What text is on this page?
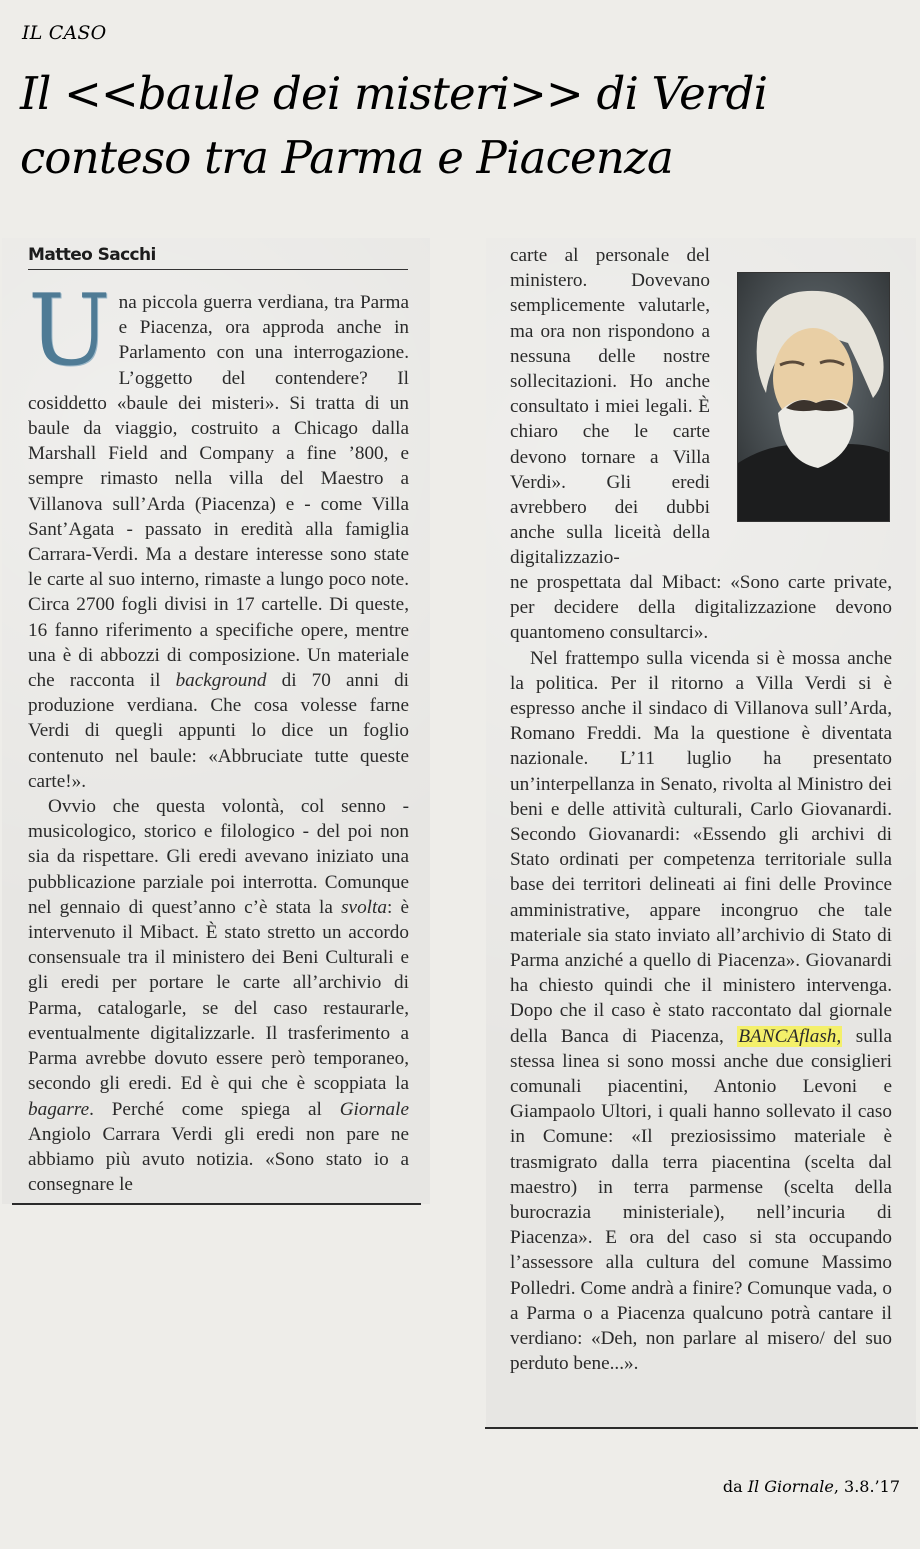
IL CASO
Il <<baule dei misteri>> di Verdi
conteso tra Parma e Piacenza
Matteo Sacchi

Una piccola guerra verdiana, tra Parma e Piacenza, ora approda anche in Parlamento con una interrogazione. L’oggetto del contendere? Il cosiddetto «baule dei misteri». Si tratta di un baule da viaggio, costruito a Chicago dalla Marshall Field and Company a fine ’800, e sempre rimasto nella villa del Maestro a Villanova sull’Arda (Piacenza) e - come Villa Sant’Agata - passato in eredità alla famiglia Carrara-Verdi. Ma a destare interesse sono state le carte al suo interno, rimaste a lungo poco note. Circa 2700 fogli divisi in 17 cartelle. Di queste, 16 fanno riferimento a specifiche opere, mentre una è di abbozzi di composizione. Un materiale che racconta il background di 70 anni di produzione verdiana. Che cosa volesse farne Verdi di quegli appunti lo dice un foglio contenuto nel baule: «Abbruciate tutte queste carte!».

Ovvio che questa volontà, col senno - musicologico, storico e filologico - del poi non sia da rispettare. Gli eredi avevano iniziato una pubblicazione parziale poi interrotta. Comunque nel gennaio di quest’anno c’è stata la svolta: è intervenuto il Mibact. È stato stretto un accordo consensuale tra il ministero dei Beni Culturali e gli eredi per portare le carte all’archivio di Parma, catalogarle, se del caso restaurarle, eventualmente digitalizzarle. Il trasferimento a Parma avrebbe dovuto essere però temporaneo, secondo gli eredi. Ed è qui che è scoppiata la bagarre. Perché come spiega al Giornale Angiolo Carrara Verdi gli eredi non pare ne abbiamo più avuto notizia. «Sono stato io a consegnare le

carte al personale del ministero. Dovevano semplicemente valutarle, ma ora non rispondono a nessuna delle nostre sollecitazioni. Ho anche consultato i miei legali. È chiaro che le carte devono tornare a Villa Verdi». Gli eredi avrebbero dei dubbi anche sulla liceità della digitalizzazio-

ne prospettata dal Mibact: «Sono carte private, per decidere della digitalizzazione devono quantomeno consultarci».

Nel frattempo sulla vicenda si è mossa anche la politica. Per il ritorno a Villa Verdi si è espresso anche il sindaco di Villanova sull’Arda, Romano Freddi. Ma la questione è diventata nazionale. L’11 luglio ha presentato un’interpellanza in Senato, rivolta al Ministro dei beni e delle attività culturali, Carlo Giovanardi. Secondo Giovanardi: «Essendo gli archivi di Stato ordinati per competenza territoriale sulla base dei territori delineati ai fini delle Province amministrative, appare incongruo che tale materiale sia stato inviato all’archivio di Stato di Parma anziché a quello di Piacenza». Giovanardi ha chiesto quindi che il ministero intervenga. Dopo che il caso è stato raccontato dal giornale della Banca di Piacenza, BANCAflash, sulla stessa linea si sono mossi anche due consiglieri comunali piacentini, Antonio Levoni e Giampaolo Ultori, i quali hanno sollevato il caso in Comune: «Il preziosissimo materiale è trasmigrato dalla terra piacentina (scelta dal maestro) in terra parmense (scelta della burocrazia ministeriale), nell’incuria di Piacenza». E ora del caso si sta occupando l’assessore alla cultura del comune Massimo Polledri. Come andrà a finire? Comunque vada, o a Parma o a Piacenza qualcuno potrà cantare il verdiano: «Deh, non parlare al misero/ del suo perduto bene...».

da Il Giornale, 3.8.’17
